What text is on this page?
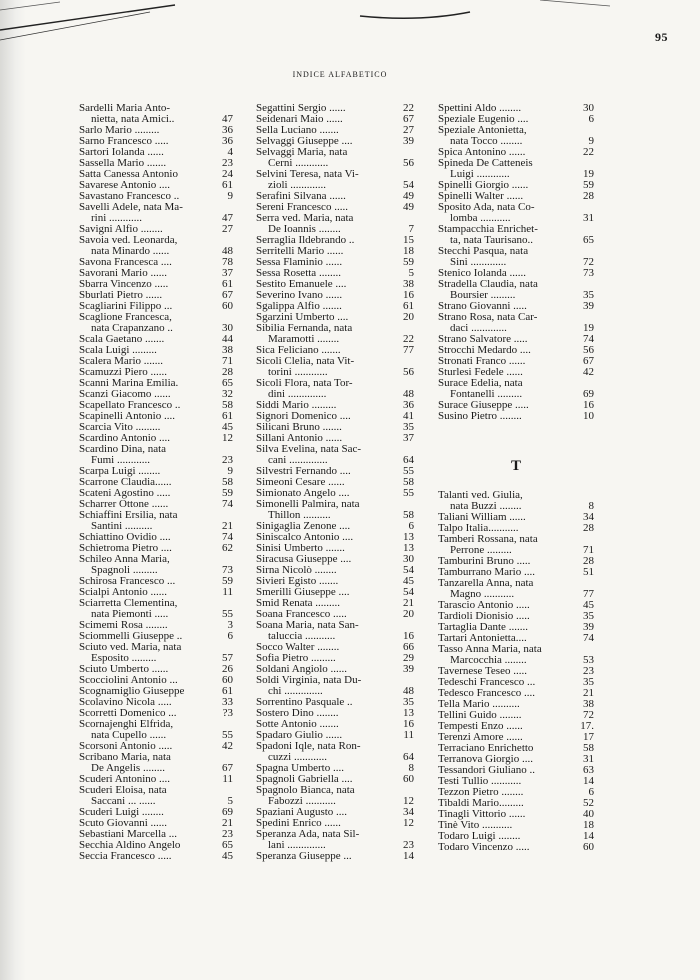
95
INDICE ALFABETICO
Sardelli Maria Anto-
nietta, nata Amici..	47
Sarlo Mario .........	36
Sarno Francesco .....	36
Sartori Iolanda ......	4
Sassella Mario .......	23
Satta Canessa Antonio	24
Savarese Antonio ....	61
Savastano Francesco ..	9
Savelli Adele, nata Ma-
rini ............	47
Savigni Alfio ........	27
Savoia ved. Leonarda,
nata Minardo ......	48
Savona Francesca ....	78
Savorani Mario ......	37
Sbarra Vincenzo .....	61
Sburlati Pietro ......	67
Scagliarini Filippo ...	60
Scaglione Francesca,
nata Crapanzano ..	30
Scala Gaetano .......	44
Scala Luigi .........	38
Scalera Mario .......	71
Scamuzzi Piero ......	28
Scanni Marina Emilia.	65
Scanzi Giacomo ......	32
Scapellato Francesco ..	58
Scapinelli Antonio ....	61
Scarcia Vito .........	45
Scardino Antonio ....	12
Scardino Dina, nata
Fumi ............	23
Scarpa Luigi ........	9
Scarrone Claudia......	58
Scateni Agostino .....	59
Scharrer Ottone ......	74
Schiaffini Ersilia, nata
Santini ..........	21
Schiattino Ovidio ....	74
Schietroma Pietro ....	62
Schileo Anna Maria,
Spagnoli .........	73
Schirosa Francesco ...	59
Scialpi Antonio ......	11
Sciarretta Clementina,
nata Piemonti .....	55
Scimemi Rosa ........	3
Sciommelli Giuseppe ..	6
Sciuto ved. Maria, nata
Esposito .........	57
Sciuto Umberto ......	26
Scocciolini Antonio ...	60
Scognamiglio Giuseppe	61
Scolavino Nicola .....	33
Scorretti Domenico ...	?3
Scornajenghi Elfrida,
nata Cupello ......	55
Scorsoni Antonio .....	42
Scribano Maria, nata
De Angelis ........	67
Scuderi Antonino ....	11
Scuderi Eloisa, nata
Saccani ... ......	5
Scuderi Luigi ........	69
Scuto Giovanni ......	21
Sebastiani Marcella ...	23
Secchia Aldino Angelo	65
Seccia Francesco .....	45
Segattini Sergio ......	22
Seidenari Maio ......	67
Sella Luciano .......	27
Selvaggi Giuseppe ....	39
Selvaggi Maria, nata
Cerni ............	56
Selvini Teresa, nata Vi-
zioli .............	54
Serafini Silvana ......	49
Sereni Francesco .....	49
Serra ved. Maria, nata
De Ioannis ........	7
Serraglia Ildebrando ..	15
Serritelli Mario ......	18
Sessa Flaminio ......	59
Sessa Rosetta ........	5
Sestito Emanuele ....	38
Severino Ivano ......	16
Sgalippa Alfio .......	61
Sgarzini Umberto ....	20
Sibilia Fernanda, nata
Maramotti ........	22
Sica Feliciano .......	77
Sicoli Clelia, nata Vit-
torini ............	56
Sicoli Flora, nata Tor-
dini ..............	48
Siddi Mario .........	36
Signori Domenico ....	41
Silicani Bruno .......	35
Sillani Antonio ......	37
Silva Evelina, nata Sac-
cani ..............	64
Silvestri Fernando ....	55
Simeoni Cesare ......	58
Simionato Angelo ....	55
Simonelli Palmira, nata
Thillon ..........	58
Sinigaglia Zenone ....	6
Siniscalco Antonio ....	13
Sinisi Umberto .......	13
Siracusa Giuseppe ....	30
Sirna Nicolò ........	54
Sivieri Egisto .......	45
Smerilli Giuseppe ....	54
Smid Renata .........	21
Soana Francesco .....	20
Soana Maria, nata San-
taluccia ...........	16
Socco Walter ........	66
Sofia Pietro .........	29
Soldani Angiolo ......	39
Soldi Virginia, nata Du-
chi ..............	48
Sorrentino Pasquale ..	35
Sostero Dino ........	13
Sotte Antonio .......	16
Spadaro Giulio ......	11
Spadoni Iqle, nata Ron-
cuzzi ............	64
Spagna Umberto ....	8
Spagnoli Gabriella ....	60
Spagnolo Bianca, nata
Fabozzi ...........	12
Spaziani Augusto ....	34
Spedini Enrico ......	12
Speranza Ada, nata Sil-
lani ..............	23
Speranza Giuseppe ...	14
Spettini Aldo ........	30
Speziale Eugenio ....	6
Speziale Antonietta,
nata Tocco ........	9
Spica Antonino ......	22
Spineda De Catteneis
Luigi ............	19
Spinelli Giorgio ......	59
Spinelli Walter ......	28
Sposito Ada, nata Co-
lomba ...........	31
Stampacchia Enrichet-
ta, nata Taurisano..	65
Stecchi Pasqua, nata
Sini .............	72
Stenico Iolanda ......	73
Stradella Claudia, nata
Boursier .........	35
Strano Giovanni .....	39
Strano Rosa, nata Car-
daci .............	19
Strano Salvatore .....	74
Strocchi Medardo ....	56
Stronati Franco ......	67
Sturlesi Fedele ......	42
Surace Edelia, nata
Fontanelli .........	69
Surace Giuseppe .....	16
Susino Pietro ........	10
T
Talanti ved. Giulia,
nata Buzzi ........	8
Taliani William ......	34
Talpo Italia...........	28
Tamberi Rossana, nata
Perrone .........	71
Tamburini Bruno .....	28
Tamburrano Mario ....	51
Tanzarella Anna, nata
Magno ...........	77
Tarascio Antonio .....	45
Tardioli Dionisio .....	35
Tartaglia Dante .......	39
Tartari Antonietta....	74
Tasso Anna Maria, nata
Marcocchia ........	53
Tavernese Teseo .....	23
Tedeschi Francesco ...	35
Tedesco Francesco ....	21
Tella Mario ..........	38
Tellini Guido ........	72
Tempesti Enzo ......	17.
Terenzi Amore ......	17
Terraciano Enrichetto	58
Terranova Giorgio ....	31
Tessandori Giuliano ..	63
Testi Tullio ...........	14
Tezzon Pietro ........	6
Tibaldi Mario.........	52
Tinagli Vittorio ......	40
Tinè Vito ...........	18
Todaro Luigi ........	14
Todaro Vincenzo .....	60
